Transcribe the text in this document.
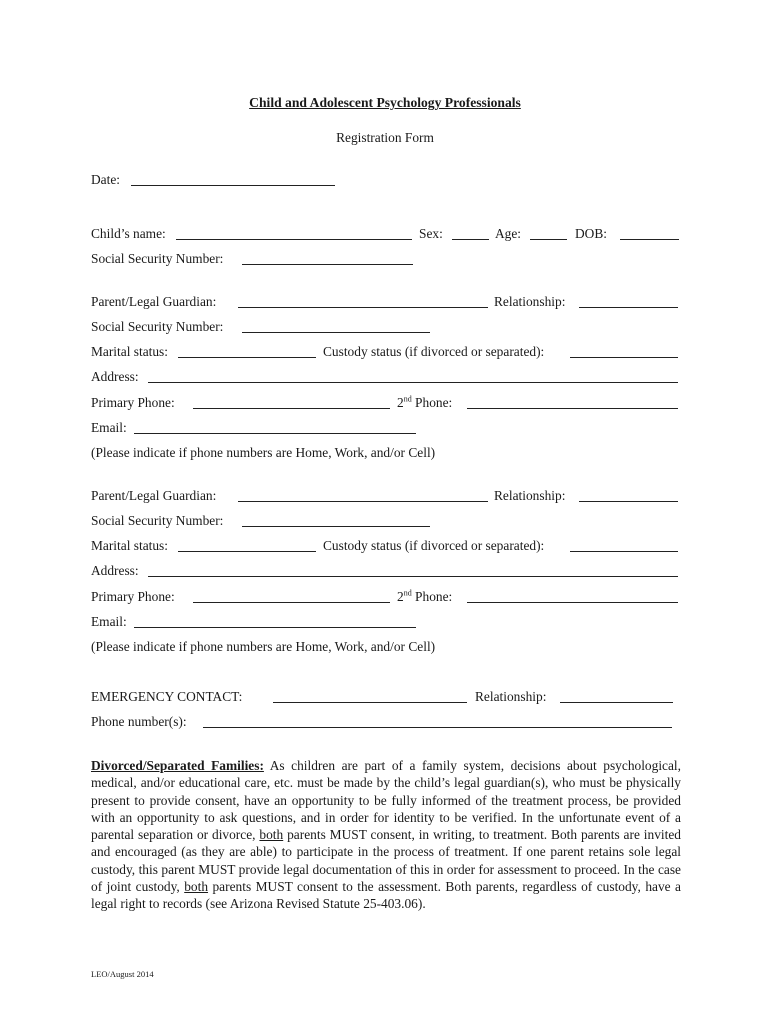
Child and Adolescent Psychology Professionals
Registration Form
Date:
Child’s name:	Sex:	Age:	DOB:
Social Security Number:
Parent/Legal Guardian:	Relationship:
Social Security Number:
Marital status:	Custody status (if divorced or separated):
Address:
Primary Phone:	2nd Phone:
Email:
(Please indicate if phone numbers are Home, Work, and/or Cell)
Parent/Legal Guardian:	Relationship:
Social Security Number:
Marital status:	Custody status (if divorced or separated):
Address:
Primary Phone:	2nd Phone:
Email:
(Please indicate if phone numbers are Home, Work, and/or Cell)
EMERGENCY CONTACT:	Relationship:
Phone number(s):
Divorced/Separated Families: As children are part of a family system, decisions about psychological, medical, and/or educational care, etc. must be made by the child’s legal guardian(s), who must be physically present to provide consent, have an opportunity to be fully informed of the treatment process, be provided with an opportunity to ask questions, and in order for identity to be verified. In the unfortunate event of a parental separation or divorce, both parents MUST consent, in writing, to treatment. Both parents are invited and encouraged (as they are able) to participate in the process of treatment. If one parent retains sole legal custody, this parent MUST provide legal documentation of this in order for assessment to proceed. In the case of joint custody, both parents MUST consent to the assessment. Both parents, regardless of custody, have a legal right to records (see Arizona Revised Statute 25-403.06).
LEO/August 2014
